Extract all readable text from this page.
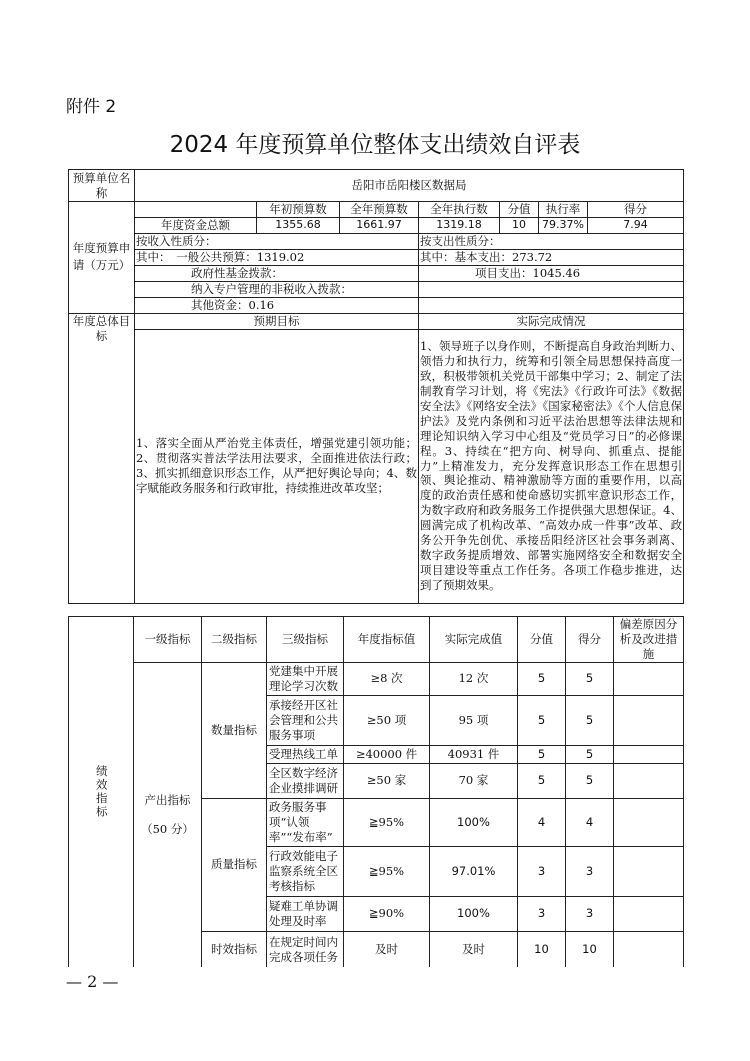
附件 2
2024 年度预算单位整体支出绩效自评表
预算单位名称	岳阳市岳阳楼区数据局						
年度预算申请（万元）		年初预算数	全年预算数	全年执行数	分值	执行率	得分
	年度资金总额	1355.68	1661.97	1319.18	10	79.37%	7.94
	按收入性质分：			按支出性质分：			
	其中：　一般公共预算：1319.02			其中：基本支出：273.72			
	政府性基金拨款：			项目支出：1045.46			
	纳入专户管理的非税收入拨款：						
	其他资金：0.16						
年度总体目标	预期目标			实际完成情况			
	1、落实全面从严治党主体责任，增强党建引领功能；2、贯彻落实普法学法用法要求，全面推进依法行政；3、抓实抓细意识形态工作，从严把好舆论导向；4、数字赋能政务服务和行政审批，持续推进改革攻坚；			1、领导班子以身作则，不断提高自身政治判断力、领悟力和执行力，统筹和引领全局思想保持高度一致，积极带领机关党员干部集中学习；2、制定了法制教育学习计划，将《宪法》《行政许可法》《数据安全法》《网络安全法》《国家秘密法》《个人信息保护法》及党内条例和习近平法治思想等法律法规和理论知识纳入学习中心组及“党员学习日”的必修课程。3、持续在“把方向、树导向、抓重点、提能力”上精准发力，充分发挥意识形态工作在思想引领、舆论推动、精神激励等方面的重要作用，以高度的政治责任感和使命感切实抓牢意识形态工作，为数字政府和政务服务工作提供强大思想保证。4、圆满完成了机构改革、“高效办成一件事”改革、政务公开争先创优、承接岳阳经济区社会事务剥离、数字政务提质增效、部署实施网络安全和数据安全项目建设等重点工作任务。各项工作稳步推进，达到了预期效果。			
绩效指标	一级指标	二级指标	三级指标	年度指标值	实际完成值	分值	得分	偏差原因分析及改进措施

	产出指标
（50 分）	数量指标	党建集中开展理论学习次数	≥8 次	12 次	5	5	
			承接经开区社会管理和公共服务事项	≥50 项	95 项	5	5	
			受理热线工单	≥40000 件	40931 件	5	5	
			全区数字经济企业摸排调研	≥50 家	70 家	5	5	
		质量指标	政务服务事项“认领率”“发布率”	≧95%	100%	4	4	
			行政效能电子监察系统全区考核指标	≧95%	97.01%	3	3	
			疑难工单协调处理及时率	≧90%	100%	3	3	
		时效指标	在规定时间内完成各项任务	及时	及时	10	10	
— 2 —
